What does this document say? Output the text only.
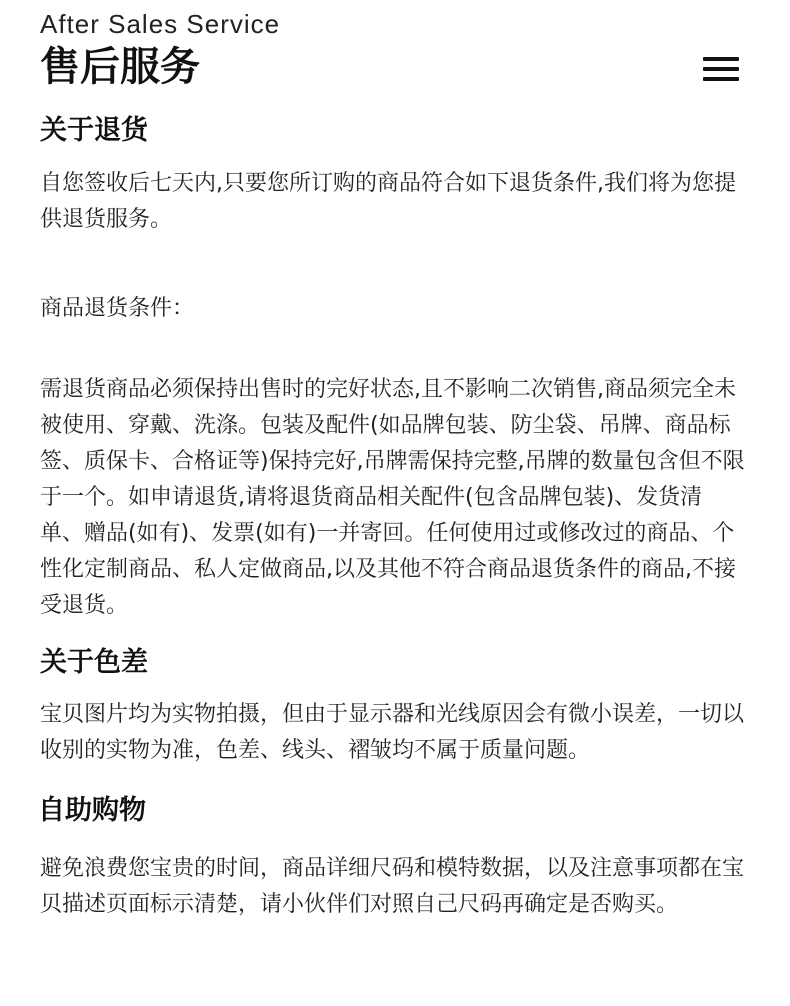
After Sales Service

售后服务
关于退货

自您签收后七天内,只要您所订购的商品符合如下退货条件,我们将为您提供退货服务。

商品退货条件：

需退货商品必须保持出售时的完好状态,且不影响二次销售,商品须完全未被使用、穿戴、洗涤。包装及配件(如品牌包装、防尘袋、吊牌、商品标签、质保卡、合格证等)保持完好,吊牌需保持完整,吊牌的数量包含但不限于一个。如申请退货,请将退货商品相关配件(包含品牌包装)、发货清单、赠品(如有)、发票(如有)一并寄回。任何使用过或修改过的商品、个性化定制商品、私人定做商品,以及其他不符合商品退货条件的商品,不接受退货。

关于色差

宝贝图片均为实物拍摄，但由于显示器和光线原因会有微小误差，一切以收别的实物为准，色差、线头、褶皱均不属于质量问题。

自助购物

避免浪费您宝贵的时间，商品详细尺码和模特数据，以及注意事项都在宝贝描述页面标示清楚，请小伙伴们对照自己尺码再确定是否购买。
